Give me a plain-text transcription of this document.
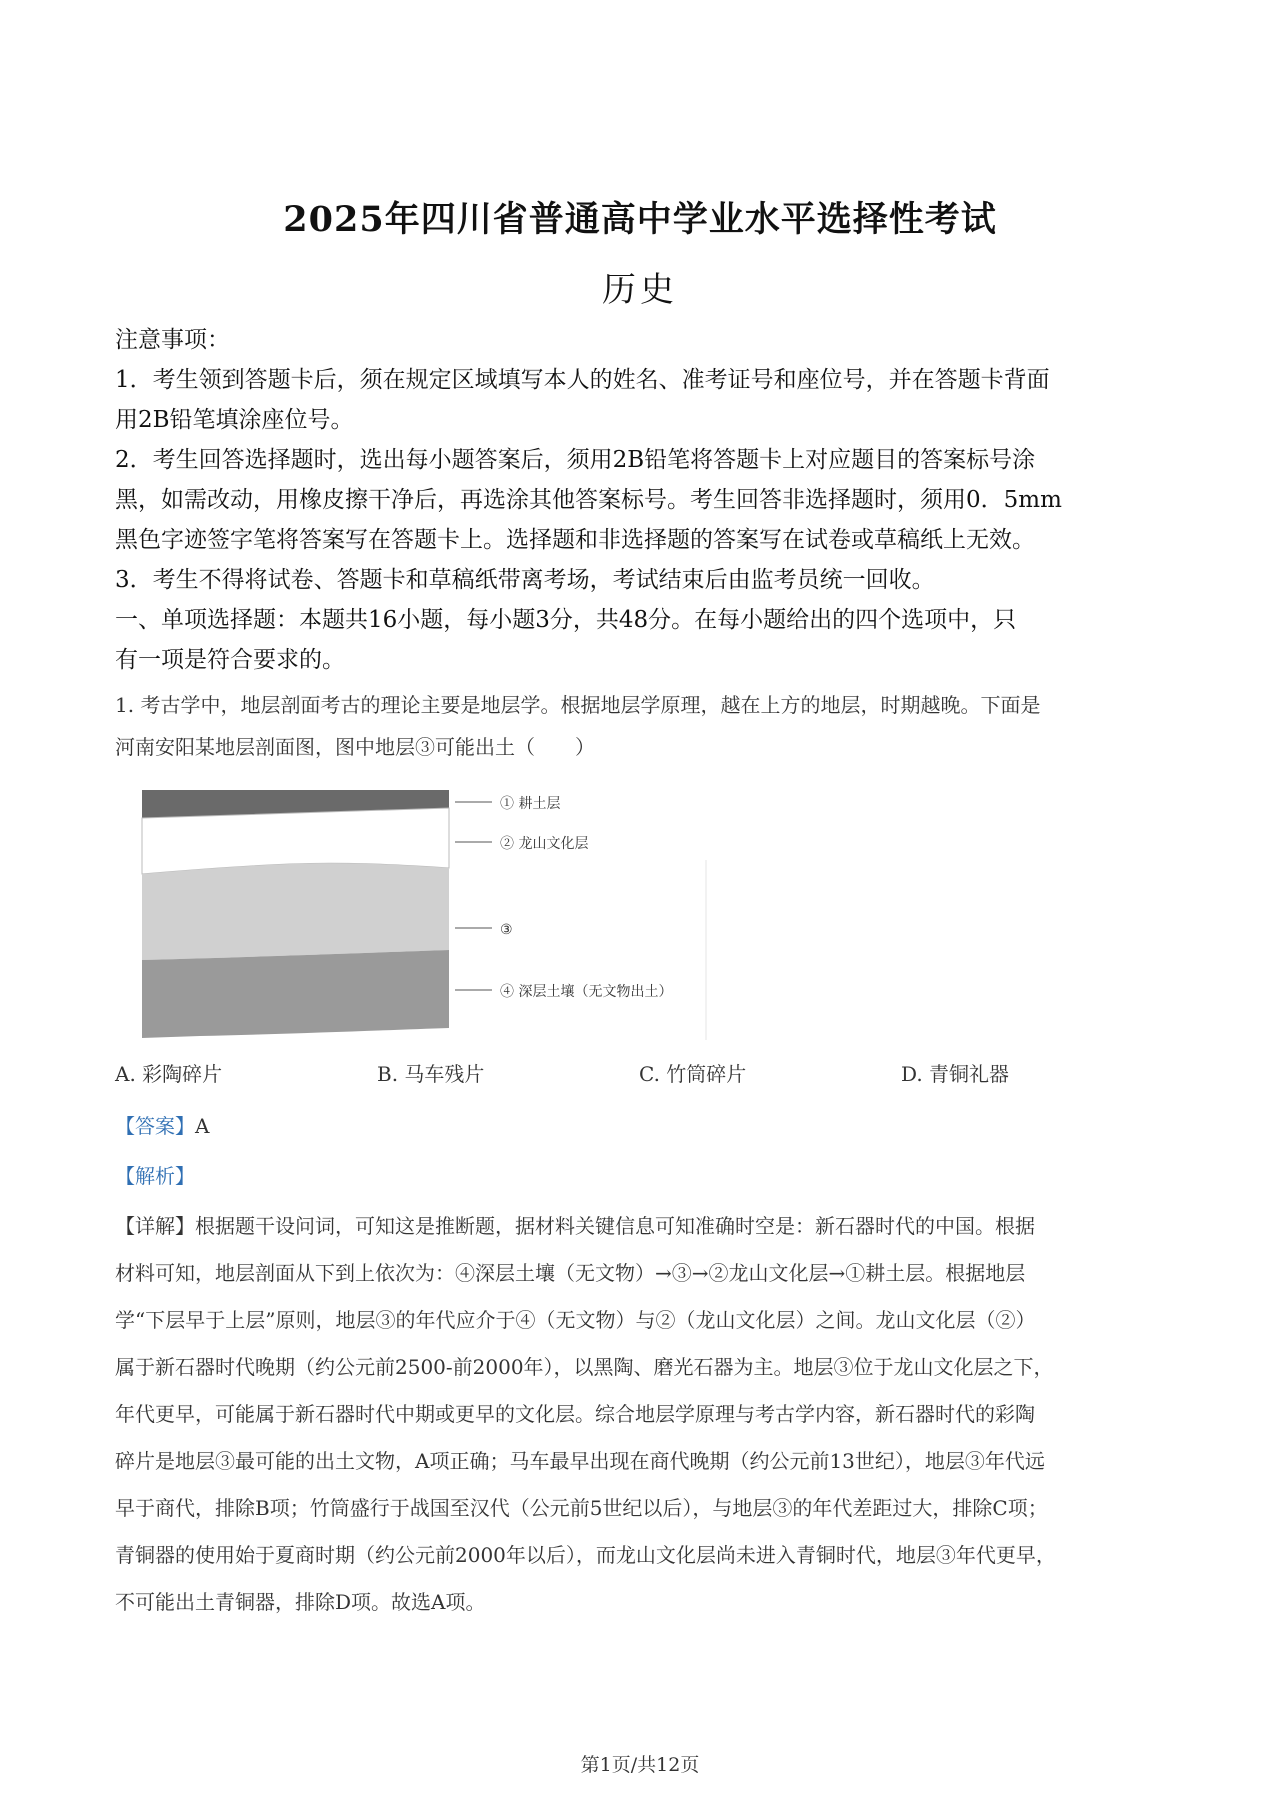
2025年四川省普通高中学业水平选择性考试
历史

注意事项：

1．考生领到答题卡后，须在规定区域填写本人的姓名、准考证号和座位号，并在答题卡背面

用2B铅笔填涂座位号。

2．考生回答选择题时，选出每小题答案后，须用2B铅笔将答题卡上对应题目的答案标号涂

黑，如需改动，用橡皮擦干净后，再选涂其他答案标号。考生回答非选择题时，须用0．5mm

黑色字迹签字笔将答案写在答题卡上。选择题和非选择题的答案写在试卷或草稿纸上无效。

3．考生不得将试卷、答题卡和草稿纸带离考场，考试结束后由监考员统一回收。

一、单项选择题：本题共16小题，每小题3分，共48分。在每小题给出的四个选项中，只

有一项是符合要求的。

1. 考古学中，地层剖面考古的理论主要是地层学。根据地层学原理，越在上方的地层，时期越晚。下面是

河南安阳某地层剖面图，图中地层③可能出土（　　）

① 耕土层
② 龙山文化层
③
④ 深层土壤（无文物出土）
A. 彩陶碎片	B. 马车残片	C. 竹筒碎片	D. 青铜礼器
【答案】A
【解析】

【详解】根据题干设问词，可知这是推断题，据材料关键信息可知准确时空是：新石器时代的中国。根据

材料可知，地层剖面从下到上依次为：④深层土壤（无文物）→③→②龙山文化层→①耕土层。根据地层

学“下层早于上层”原则，地层③的年代应介于④（无文物）与②（龙山文化层）之间。龙山文化层（②）

属于新石器时代晚期（约公元前2500-前2000年），以黑陶、磨光石器为主。地层③位于龙山文化层之下，

年代更早，可能属于新石器时代中期或更早的文化层。综合地层学原理与考古学内容，新石器时代的彩陶

碎片是地层③最可能的出土文物，A项正确；马车最早出现在商代晚期（约公元前13世纪），地层③年代远

早于商代，排除B项；竹筒盛行于战国至汉代（公元前5世纪以后），与地层③的年代差距过大，排除C项；

青铜器的使用始于夏商时期（约公元前2000年以后），而龙山文化层尚未进入青铜时代，地层③年代更早，

不可能出土青铜器，排除D项。故选A项。

第1页/共12页
